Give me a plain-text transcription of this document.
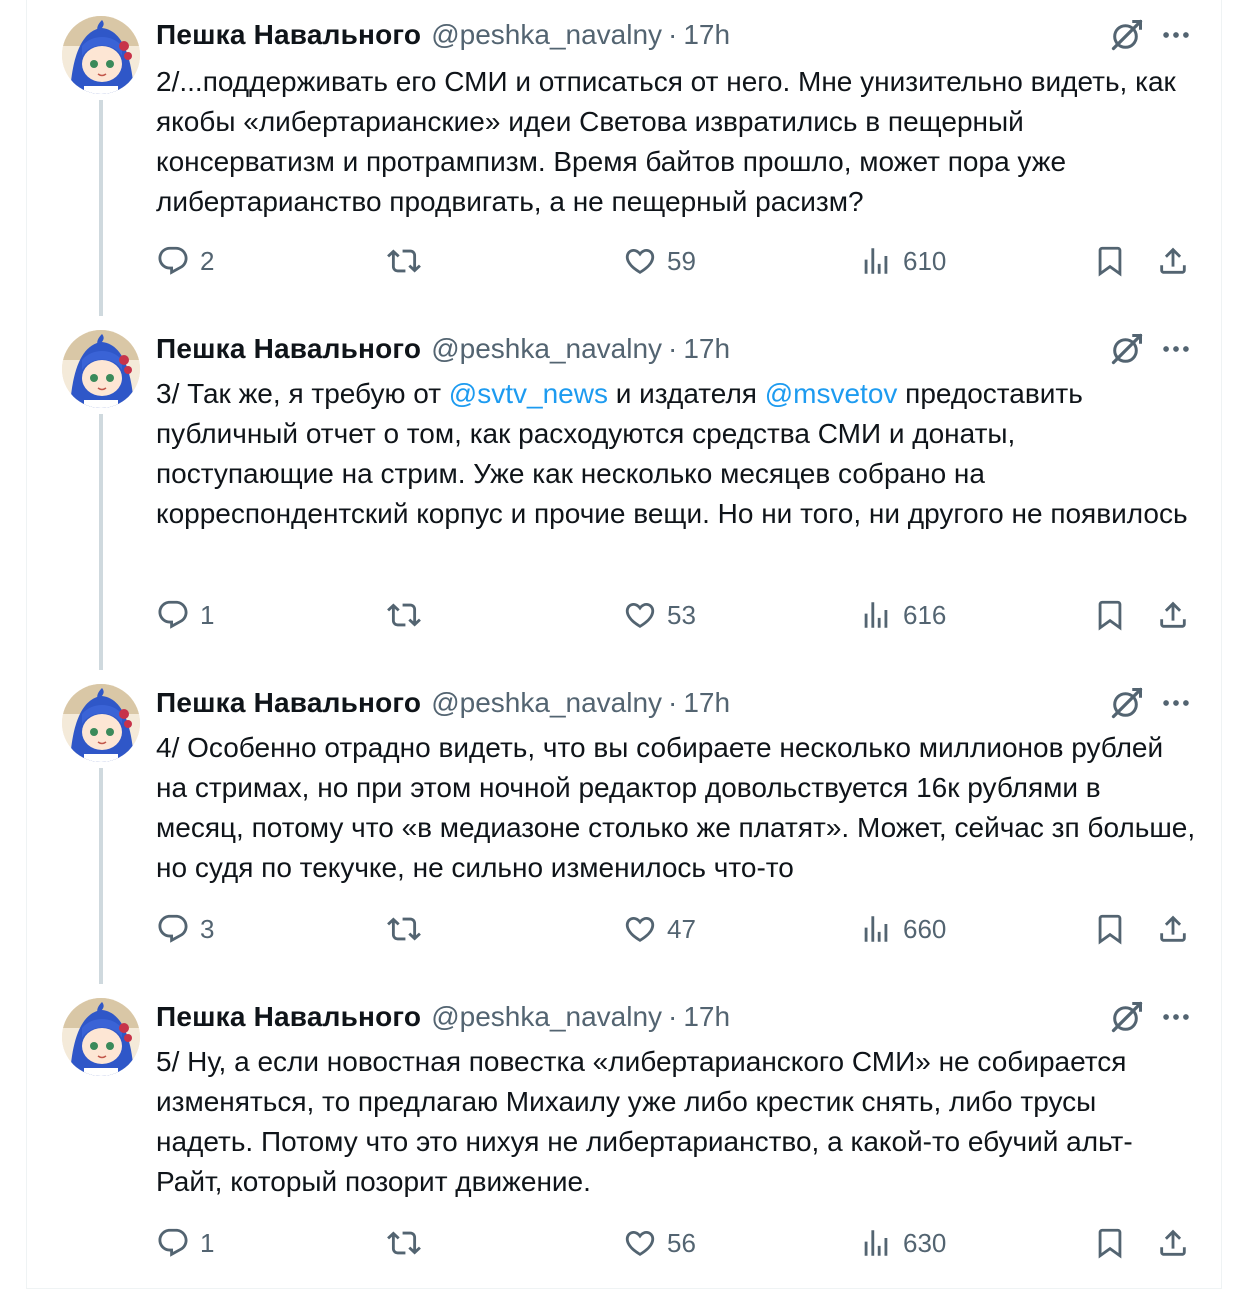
Пешка Навального @peshka_navalny · 17h
2/...поддерживать его СМИ и отписаться от него. Мне унизительно видеть, как якобы «либертарианские» идеи Светова извратились в пещерный консерватизм и протрампизм. Время байтов прошло, может пора уже либертарианство продвигать, а не пещерный расизм?
2	59	610
Пешка Навального @peshka_navalny · 17h
3/ Так же, я требую от @svtv_news и издателя @msvetov предоставить публичный отчет о том, как расходуются средства СМИ и донаты, поступающие на стрим. Уже как несколько месяцев собрано на корреспондентский корпус и прочие вещи. Но ни того, ни другого не появилось
1	53	616
Пешка Навального @peshka_navalny · 17h
4/ Особенно отрадно видеть, что вы собираете несколько миллионов рублей на стримах, но при этом ночной редактор довольствуется 16к рублями в месяц, потому что «в медиазоне столько же платят». Может, сейчас зп больше, но судя по текучке, не сильно изменилось что-то
3	47	660
Пешка Навального @peshka_navalny · 17h
5/ Ну, а если новостная повестка «либертарианского СМИ» не собирается изменяться, то предлагаю Михаилу уже либо крестик снять, либо трусы надеть. Потому что это нихуя не либертарианство, а какой-то ебучий альт-Райт, который позорит движение.
1	56	630
